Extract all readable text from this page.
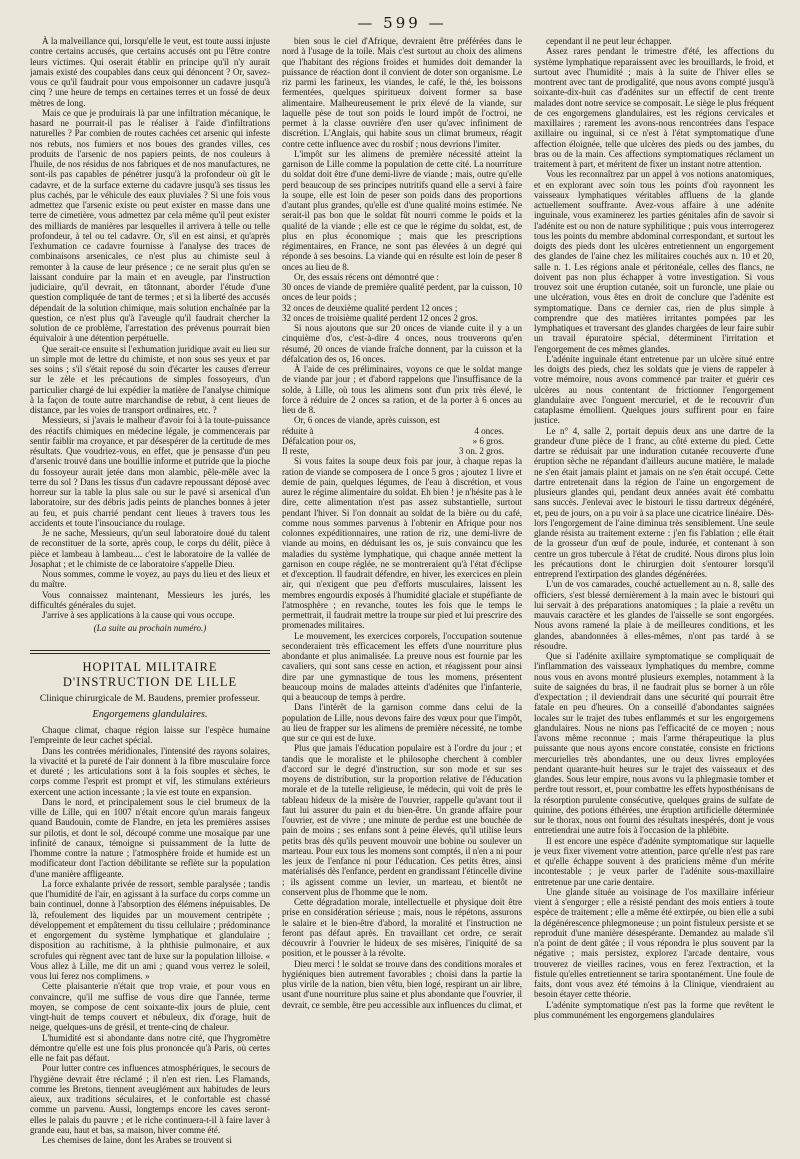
— 599 —

À la malveillance qui, lorsqu'elle le veut, est toute aussi injuste contre certains accusés, que certains accusés ont pu l'être contre leurs victimes. Qui oserait établir en principe qu'il n'y aurait jamais existé des coupables dans ceux qui dénoncent ? Or, savez-vous ce qu'il faudrait pour vous empoisonner un cadavre jusqu'à cinq ? une heure de temps en certaines terres et un fossé de deux mètres de long.

Mais ce que je produirais là par une infiltration mécanique, le hasard ne pourrait-il pas le réaliser à l'aide d'infiltrations naturelles ? Par combien de routes cachées cet arsenic qui infeste nos rebuts, nos fumiers et nos boues des grandes villes, ces produits de l'arsenic de nos papiers peints, de nos couleurs à l'huile, de nos résidus de nos fabriques et de nos manufactures, ne sont-ils pas capables de pénétrer jusqu'à la profondeur où gît le cadavre, et de la surface externe du cadavre jusqu'à ses tissus les plus cachés, par le véhicule des eaux pluviales ? Si une fois vous admettez que l'arsenic existe ou peut exister en masse dans une terre de cimetière, vous admettez par cela même qu'il peut exister des milliards de manières par lesquelles il arrivera à telle ou telle profondeur, à tel ou tel cadavre. Or, s'il en est ainsi, et qu'après l'exhumation ce cadavre fournisse à l'analyse des traces de combinaisons arsenicales, ce n'est plus au chimiste seul à remonter à la cause de leur présence ; ce ne serait plus qu'en se laissant conduire par la main et en aveugle, par l'instruction judiciaire, qu'il devrait, en tâtonnant, aborder l'étude d'une question compliquée de tant de termes ; et si la liberté des accusés dépendait de la solution chimique, mais solution enchaînée par la question, ce n'est plus qu'à l'aveugle qu'il faudrait chercher la solution de ce problème, l'arrestation des prévenus pourrait bien équivaloir à une détention perpétuelle.

Que serait-ce ensuite si l'exhumation juridique avait eu lieu sur un simple mot de lettre du chimiste, et non sous ses yeux et par ses soins ; s'il s'était reposé du soin d'écarter les causes d'erreur sur le zèle et les précautions de simples fossoyeurs, d'un particulier chargé de lui expédier la matière de l'analyse chimique à la façon de toute autre marchandise de rebut, à cent lieues de distance, par les voies de transport ordinaires, etc. ?

Messieurs, si j'avais le malheur d'avoir foi à la toute-puissance des réactifs chimiques en médecine légale, je commencerais par sentir faiblir ma croyance, et par désespérer de la certitude de mes résultats. Que voudriez-vous, en effet, que je pensasse d'un peu d'arsenic trouvé dans une bouillie informe et putride que la pioche du fossoyeur aurait jetée dans mon alambic, pêle-mêle avec la terre du sol ? Dans les tissus d'un cadavre repoussant déposé avec horreur sur la table la plus sale ou sur le pavé si arsenical d'un laboratoire, sur des débris jadis peints de planches bonnes à jeter au feu, et puis charrié pendant cent lieues à travers tous les accidents et toute l'insouciance du roulage.

Je ne sache, Messieurs, qu'un seul laboratoire doué du talent de reconstituer de la sorte, après coup, le corps du délit, pièce à pièce et lambeau à lambeau.... c'est le laboratoire de la vallée de Josaphat ; et le chimiste de ce laboratoire s'appelle Dieu.

Nous sommes, comme le voyez, au pays du lieu et des lieux et du maître.

Vous connaissez maintenant, Messieurs les jurés, les difficultés générales du sujet.

J'arrive à ses applications à la cause qui vous occupe.

(La suite au prochain numéro.)

HOPITAL MILITAIRE D'INSTRUCTION DE LILLE

Clinique chirurgicale de M. Baudens, premier professeur.

Engorgemens glandulaires.

Chaque climat, chaque région laisse sur l'espèce humaine l'empreinte de leur cachet spécial.

Dans les contrées méridionales, l'intensité des rayons solaires, la vivacité et la pureté de l'air donnent à la fibre musculaire force et dureté ; les articulations sont à la fois souples et sèches, le corps comme l'esprit est prompt et vif, les stimulans extérieurs exercent une action incessante ; la vie est toute en expansion.

Dans le nord, et principalement sous le ciel brumeux de la ville de Lille, qui en 1007 n'était encore qu'un marais fangeux quand Baudouin, comte de Flandre, en jeta les premières assises sur pilotis, et dont le sol, découpé comme une mosaïque par une infinité de canaux, témoigne si puissamment de la lutte de l'homme contre la nature ; l'atmosphère froide et humide est un modificateur dont l'action débilitante se reflète sur la population d'une manière affligeante.

La force exhalante privée de ressort, semble paralysée ; tandis que l'humidité de l'air, en agissant à la surface du corps comme un bain continuel, donne à l'absorption des élémens inépuisables. De là, refoulement des liquides par un mouvement centripète ; développement et empâtement du tissu cellulaire ; prédominance et engorgement du système lymphatique et glandulaire ; disposition au rachitisme, à la phthisie pulmonaire, et aux scrofules qui règnent avec tant de luxe sur la population lilloise. « Vous allez à Lille, me dit un ami ; quand vous verrez le soleil, vous lui ferez nos complimens. »

Cette plaisanterie n'était que trop vraie, et pour vous en convaincre, qu'il me suffise de vous dire que l'année, terme moyen, se compose de cent soixante-dix jours de pluie, cent vingt-huit de temps couvert et nébuleux, dix d'orage, huit de neige, quelques-uns de grésil, et trente-cinq de chaleur.

L'humidité est si abondante dans notre cité, que l'hygromètre démontre qu'elle est une fois plus prononcée qu'à Paris, où certes elle ne fait pas défaut.

Pour lutter contre ces influences atmosphériques, le secours de l'hygiène devrait être réclamé ; il n'en est rien. Les Flamands, comme les Bretons, tiennent aveuglément aux habitudes de leurs aïeux, aux traditions séculaires, et le confortable est chassé comme un parvenu. Aussi, longtemps encore les caves seront-elles le palais du pauvre ; et le riche continuera-t-il à faire laver à grande eau, haut et bas, sa maison, hiver comme été.

Les chemises de laine, dont les Arabes se trouvent si

bien sous le ciel d'Afrique, devraient être préférées dans le nord à l'usage de la toile. Mais c'est surtout au choix des alimens que l'habitant des régions froides et humides doit demander la puissance de réaction dont il convient de doter son organisme. Le riz parmi les farineux, les viandes, le café, le thé, les boissons fermentées, quelques spiritueux doivent former sa base alimentaire. Malheureusement le prix élevé de la viande, sur laquelle pèse de tout son poids le lourd impôt de l'octroi, ne permet à la classe ouvrière d'en user qu'avec infiniment de discrétion. L'Anglais, qui habite sous un climat brumeux, réagit contre cette influence avec du rosbif ; nous devrions l'imiter.

L'impôt sur les alimens de première nécessité atteint la garnison de Lille comme la population de cette cité. La nourriture du soldat doit être d'une demi-livre de viande ; mais, outre qu'elle perd beaucoup de ses principes nutritifs quand elle a servi à faire la soupe, elle est loin de peser son poids dans des proportions d'autant plus grandes, qu'elle est d'une qualité moins estimée. Ne serait-il pas bon que le soldat fût nourri comme le poids et la qualité de la viande ; elle est ce que le régime du soldat, est, de plus en plus économique ; mais que les prescriptions régimentaires, en France, ne sont pas élevées à un degré qui réponde à ses besoins. La viande qui en résulte est loin de peser 8 onces au lieu de 8.

Or, des essais récens ont démontré que :

30 onces de viande de première qualité perdent, par la cuisson, 10 onces de leur poids ;

32 onces de deuxième qualité perdent 12 onces ;

32 onces de troisième qualité perdent 12 onces 2 gros.

Si nous ajoutons que sur 20 onces de viande cuite il y a un cinquième d'os, c'est-à-dire 4 onces, nous trouverons qu'en résumé, 20 onces de viande fraîche donnent, par la cuisson et la défalcation des os, 16 onces.

À l'aide de ces préliminaires, voyons ce que le soldat mange de viande par jour ; et d'abord rappelons que l'insuffisance de la solde, à Lille, où tous les alimens sont d'un prix très élevé, le force à réduire de 2 onces sa ration, et de la porter à 6 onces au lieu de 8.

Or, 6 onces de viande, après cuisson, est

réduite à	4 onces.

Défalcation pour os,	» 6 gros.

Il reste,	3 on. 2 gros.

Si vous faites la soupe deux fois par jour, à chaque repas la ration de viande se composera de 1 once 5 gros ; ajoutez 1 livre et demie de pain, quelques légumes, de l'eau à discrétion, et vous aurez le régime alimentaire du soldat. Eh bien ! je n'hésite pas à le dire, cette alimentation n'est pas assez substantielle, surtout pendant l'hiver. Si l'on donnait au soldat de la bière ou du café, comme nous sommes parvenus à l'obtenir en Afrique pour nos colonnes expéditionnaires, une ration de riz, une demi-livre de viande au moins, en déduisant les os, je suis convaincu que les maladies du système lymphatique, qui chaque année mettent la garnison en coupe réglée, ne se montreraient qu'à l'état d'éclipse et d'exception. Il faudrait défendre, en hiver, les exercices en plein air, qui n'exigent que peu d'efforts musculaires, laissent les membres engourdis exposés à l'humidité glaciale et stupéfiante de l'atmosphère ; en revanche, toutes les fois que le temps le permettrait, il faudrait mettre la troupe sur pied et lui prescrire des promenades militaires.

Le mouvement, les exercices corporels, l'occupation soutenue seconderaient très efficacement les effets d'une nourriture plus abondante et plus animalisée. La preuve nous est fournie par les cavaliers, qui sont sans cesse en action, et réagissent pour ainsi dire par une gymnastique de tous les momens, présentent beaucoup moins de malades atteints d'adénites que l'infanterie, qui a beaucoup de temps à perdre.

Dans l'intérêt de la garnison comme dans celui de la population de Lille, nous devons faire des vœux pour que l'impôt, au lieu de frapper sur les alimens de première nécessité, ne tombe que sur ce qui est de luxe.

Plus que jamais l'éducation populaire est à l'ordre du jour ; et tandis que le moraliste et le philosophe cherchent à combler d'accord sur le degré d'instruction, sur son mode et sur ses moyens de distribution, sur la proportion relative de l'éducation morale et de la tutelle religieuse, le médecin, qui voit de près le tableau hideux de la misère de l'ouvrier, rappelle qu'avant tout il faut lui assurer du pain et du bien-être. Un grande affaire pour l'ouvrier, est de vivre ; une minute de perdue est une bouchée de pain de moins ; ses enfans sont à peine élevés, qu'il utilise leurs petits bras dès qu'ils peuvent mouvoir une bobine ou soulever un marteau. Pour eux tous les momens sont comptés, il n'en a ni pour les jeux de l'enfance ni pour l'éducation. Ces petits êtres, ainsi matérialisés dès l'enfance, perdent en grandissant l'étincelle divine ; ils agissent comme un levier, un marteau, et bientôt ne conservent plus de l'homme que le nom.

Cette dégradation morale, intellectuelle et physique doit être prise en considération sérieuse ; mais, nous le répétons, assurons le salaire et le bien-être d'abord, la moralité et l'instruction ne feront pas défaut après. En travaillant cet ordre, ce serait découvrir à l'ouvrier le hideux de ses misères, l'iniquité de sa position, et le pousser à la révolte.

Dieu merci ! le soldat se trouve dans des conditions morales et hygiéniques bien autrement favorables ; choisi dans la partie la plus virile de la nation, bien vêtu, bien logé, respirant un air libre, usant d'une nourriture plus saine et plus abondante que l'ouvrier, il devrait, ce semble, être peu accessible aux influences du climat, et

cependant il ne peut leur échapper.

Assez rares pendant le trimestre d'été, les affections du système lymphatique reparaissent avec les brouillards, le froid, et surtout avec l'humidité ; mais à la suite de l'hiver elles se montrent avec tant de prodigalité, que nous avons compté jusqu'à soixante-dix-huit cas d'adénites sur un effectif de cent trente malades dont notre service se composait. Le siège le plus fréquent de ces engorgemens glandulaires, est les régions cervicales et maxillaires ; rarement les avons-nous rencontrées dans l'espace axillaire ou inguinal, si ce n'est à l'état symptomatique d'une affection éloignée, telle que ulcères des pieds ou des jambes, du bras ou de la main. Ces affections symptomatiques réclament un traitement à part, et méritent de fixer un instant notre attention.

Vous les reconnaîtrez par un appel à vos notions anatomiques, et en explorant avec soin tous les points d'où rayonnent les vaisseaux lymphatiques véritables affluens de la glande actuellement souffrante. Avez-vous affaire à une adénite inguinale, vous examinerez les parties génitales afin de savoir si l'adénite est ou non de nature syphilitique ; puis vous interrogerez tous les points du membre abdominal correspondant, et surtout les doigts des pieds dont les ulcères entretiennent un engorgement des glandes de l'aine chez les militaires couchés aux n. 10 et 20, salle n. 1. Les régions anale et péritonéale, celles des flancs, ne doivent pas non plus échapper à votre investigation. Si vous trouvez soit une éruption cutanée, soit un furoncle, une plaie ou une ulcération, vous êtes en droit de conclure que l'adénite est symptomatique. Dans ce dernier cas, rien de plus simple à comprendre que des matières irritantes pompées par les lymphatiques et traversant des glandes chargées de leur faire subir un travail épuratoire spécial, déterminent l'irritation et l'engorgement de ces mêmes glandes.

L'adénite inguinale étant entretenue par un ulcère situé entre les doigts des pieds, chez les soldats que je viens de rappeler à votre mémoire, nous avons commencé par traiter et guérir ces ulcères au nous contentant de frictionner l'engorgement glandulaire avec l'onguent mercuriel, et de le recouvrir d'un cataplasme émollient. Quelques jours suffirent pour en faire justice.

Le n° 4, salle 2, portait depuis deux ans une dartre de la grandeur d'une pièce de 1 franc, au côté externe du pied. Cette dartre se réduisait par une induration cutanée recouverte d'une éruption sèche ne répandant d'ailleurs aucune matière, le malade ne s'en était jamais plaint et jamais on ne s'en était occupé. Cette dartre entretenait dans la région de l'aine un engorgement de plusieurs glandes qui, pendant deux années avait été combattu sans succès. J'enlevai avec le bistouri le tissu dartreux dégénéré, et, peu de jours, on a pu voir à sa place une cicatrice linéaire. Dès-lors l'engorgement de l'aine diminua très sensiblement. Une seule glande résista au traitement externe : j'en fis l'ablation ; elle était de la grosseur d'un œuf de poule, indurée, et contenant à son centre un gros tubercule à l'état de crudité. Nous dirons plus loin les précautions dont le chirurgien doit s'entourer lorsqu'il entreprend l'extirpation des glandes dégénérées.

L'un de vos camarades, couché actuellement au n. 8, salle des officiers, s'est blessé dernièrement à la main avec le bistouri qui lui servait à des préparations anatomiques ; la plaie a revêtu un mauvais caractère et les glandes de l'aisselle se sont engorgées. Nous avons ramené la plaie à de meilleures conditions, et les glandes, abandonnées à elles-mêmes, n'ont pas tardé à se résoudre.

Que si l'adénite axillaire symptomatique se compliquait de l'inflammation des vaisseaux lymphatiques du membre, comme nous vous en avons montré plusieurs exemples, notamment à la suite de saignées du bras, il ne faudrait plus se borner à un rôle d'expectation ; il deviendrait dans une sécurité qui pourrait être fatale en peu d'heures. On a conseillé d'abondantes saignées locales sur le trajet des tubes enflammés et sur les engorgemens glandulaires. Nous ne nions pas l'efficacité de ce moyen ; nous l'avons même reconnue ; mais l'arme thérapeutique la plus puissante que nous ayons encore constatée, consiste en frictions mercurielles très abondantes, une ou deux livres employées pendant quarante-huit heures sur le trajet des vaisseaux et des glandes. Sous leur empire, nous avons vu la phlegmasie tomber et perdre tout ressort, et, pour combattre les effets hyposthénisans de la résorption purulente consécutive, quelques grains de sulfate de quinine, des potions éthérées, une éruption artificielle déterminée sur le thorax, nous ont fourni des résultats inespérés, dont je vous entretiendrai une autre fois à l'occasion de la phlébite.

Il est encore une espèce d'adénite symptomatique sur laquelle je veux fixer vivement votre attention, parce qu'elle n'est pas rare et qu'elle échappe souvent à des praticiens même d'un mérite incontestable ; je veux parler de l'adénite sous-maxillaire entretenue par une carie dentaire.

Une glande située au voisinage de l'os maxillaire inférieur vient à s'engorger ; elle a résisté pendant des mois entiers à toute espèce de traitement ; elle a même été extirpée, ou bien elle a subi la dégénérescence phlegmoneuse ; un point fistuleux persiste et se reproduit d'une manière désespérante. Demandez au malade s'il n'a point de dent gâtée ; il vous répondra le plus souvent par la négative ; mais persistez, explorez l'arcade dentaire, vous trouverez de vieilles racines, vous en ferez l'extraction, et la fistule qu'elles entretiennent se tarira spontanément. Une foule de faits, dont vous avez été témoins à la Clinique, viendraient au besoin étayer cette théorie.

L'adénite symptomatique n'est pas la forme que revêtent le plus communément les engorgemens glandulaires
